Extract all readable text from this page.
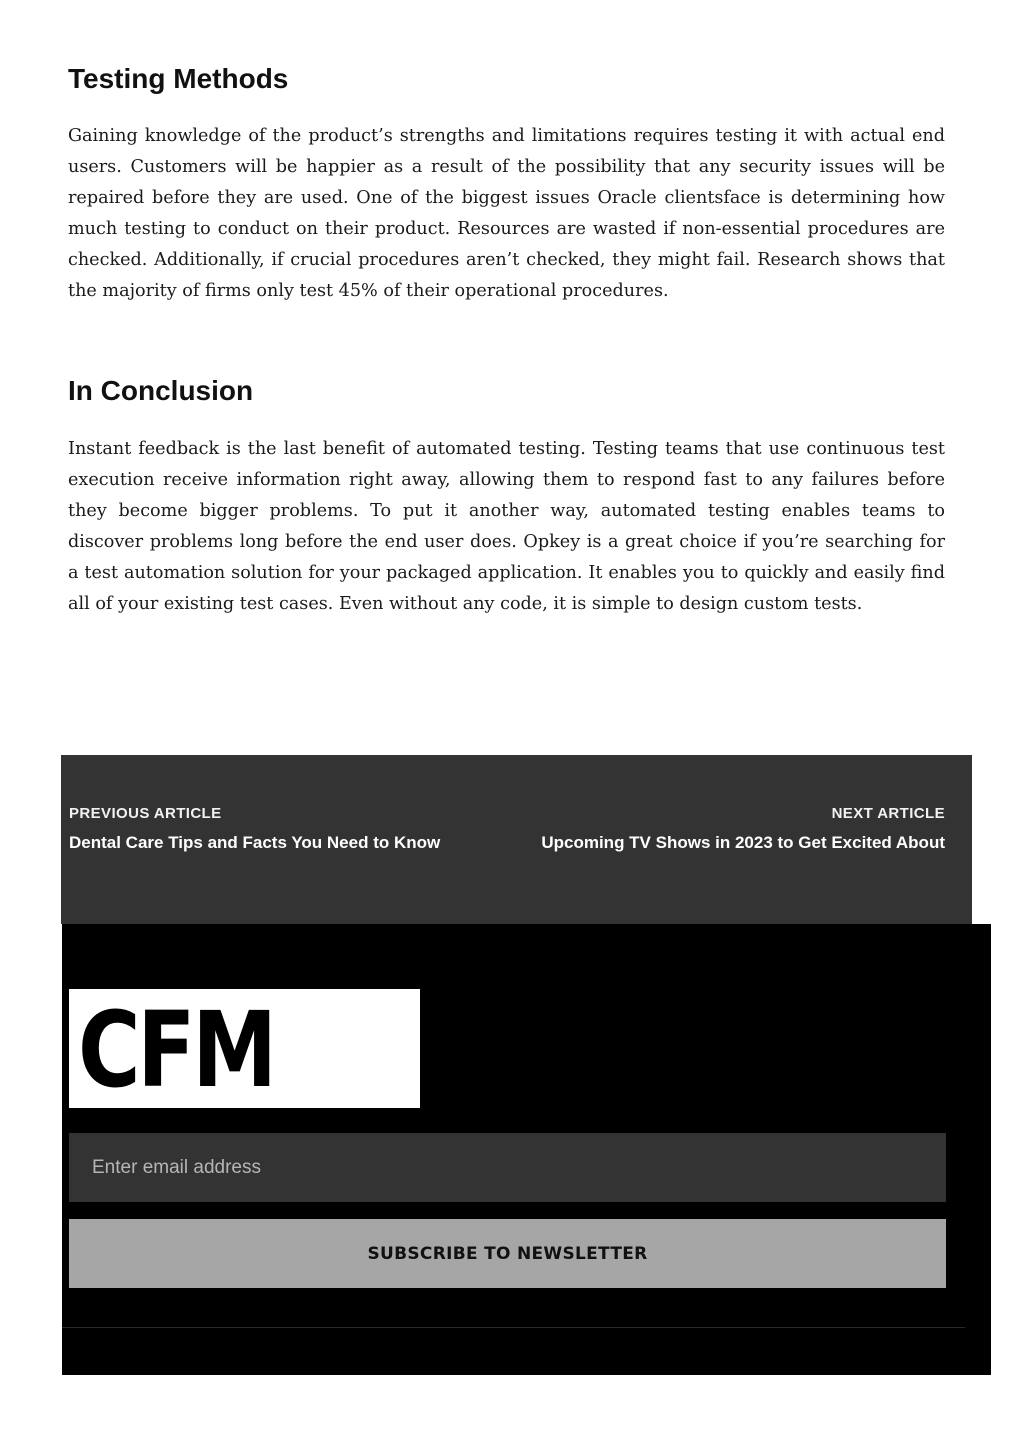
Testing Methods

Gaining knowledge of the product’s strengths and limitations requires testing it with actual end users. Customers will be happier as a result of the possibility that any security issues will be repaired before they are used. One of the biggest issues Oracle clientsface is determining how much testing to conduct on their product. Resources are wasted if non-essential procedures are checked. Additionally, if crucial procedures aren’t checked, they might fail. Research shows that the majority of firms only test 45% of their operational procedures.

In Conclusion

Instant feedback is the last benefit of automated testing. Testing teams that use continuous test execution receive information right away, allowing them to respond fast to any failures before they become bigger problems. To put it another way, automated testing enables teams to discover problems long before the end user does. Opkey is a great choice if you’re searching for a test automation solution for your packaged application. It enables you to quickly and easily find all of your existing test cases. Even without any code, it is simple to design custom tests.

PREVIOUS ARTICLE
Dental Care Tips and Facts You Need to Know
NEXT ARTICLE
Upcoming TV Shows in 2023 to Get Excited About
CFM
Enter email address
SUBSCRIBE TO NEWSLETTER
